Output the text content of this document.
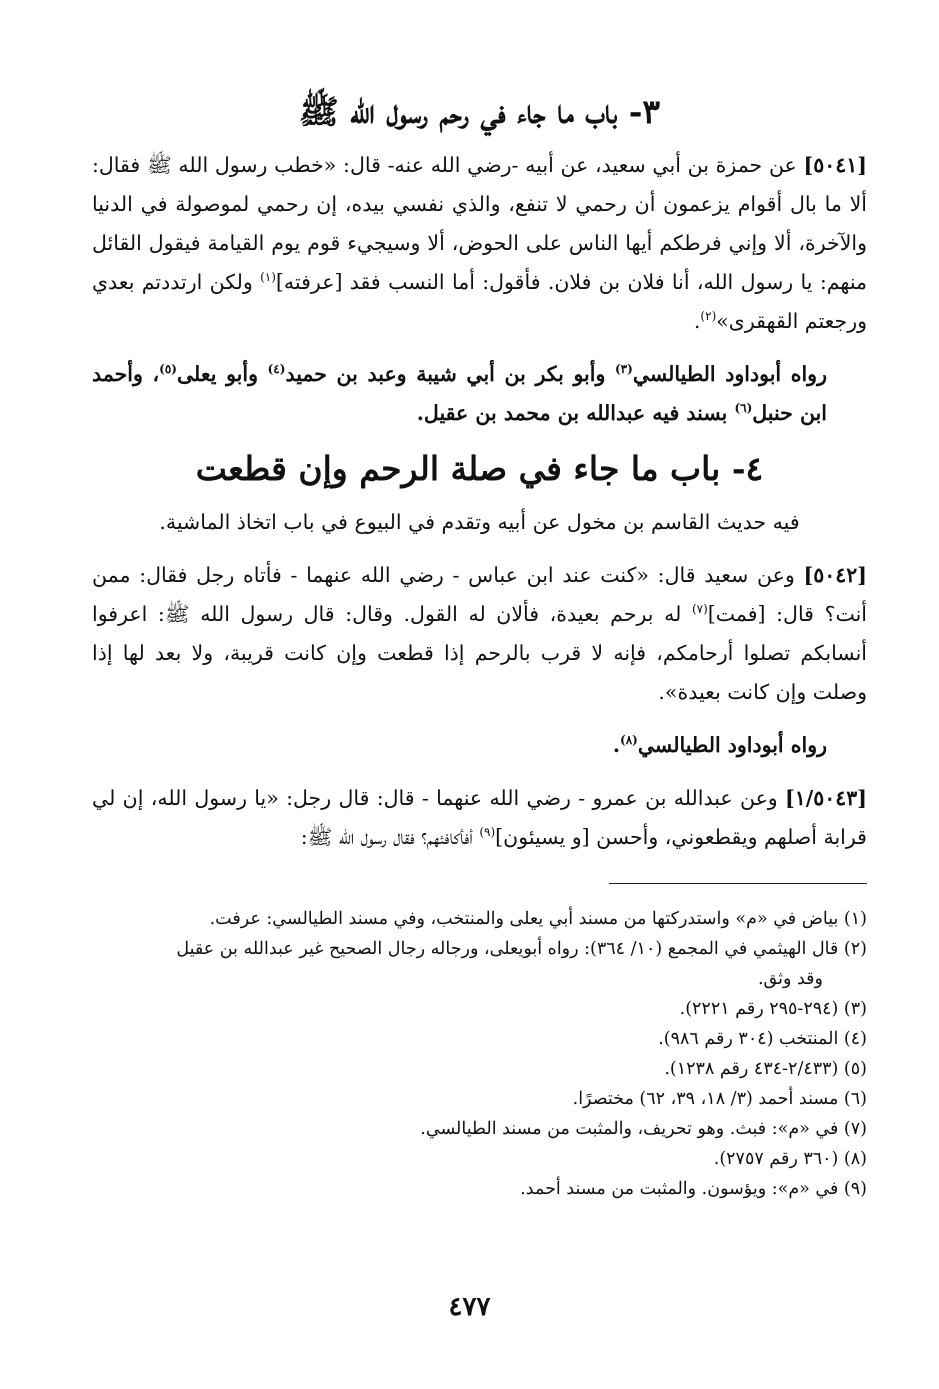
٣- باب ما جاء في رحم رسول الله ﷺ

[٥٠٤١] عن حمزة بن أبي سعيد، عن أبيه -رضي الله عنه- قال: «خطب رسول الله ﷺ فقال: ألا ما بال أقوام يزعمون أن رحمي لا تنفع، والذي نفسي بيده، إن رحمي لموصولة في الدنيا والآخرة، ألا وإني فرطكم أيها الناس على الحوض، ألا وسيجيء قوم يوم القيامة فيقول القائل منهم: يا رسول الله، أنا فلان بن فلان. فأقول: أما النسب فقد [عرفته]$^{(١)}$ ولكن ارتددتم بعدي ورجعتم القهقرى»$^{(٢)}$.

رواه أبوداود الطيالسي$^{(٣)}$ وأبو بكر بن أبي شيبة وعبد بن حميد$^{(٤)}$ وأبو يعلى$^{(٥)}$، وأحمد ابن حنبل$^{(٦)}$ بسند فيه عبدالله بن محمد بن عقيل.

٤- باب ما جاء في صلة الرحم وإن قطعت

فيه حديث القاسم بن مخول عن أبيه وتقدم في البيوع في باب اتخاذ الماشية.

[٥٠٤٢] وعن سعيد قال: «كنت عند ابن عباس - رضي الله عنهما - فأتاه رجل فقال: ممن أنت؟ قال: [فمت]$^{(٧)}$ له برحم بعيدة، فألان له القول. وقال: قال رسول الله ﷺ: اعرفوا أنسابكم تصلوا أرحامكم، فإنه لا قرب بالرحم إذا قطعت وإن كانت قريبة، ولا بعد لها إذا وصلت وإن كانت بعيدة».

رواه أبوداود الطيالسي$^{(٨)}$.

[١/٥٠٤٣] وعن عبدالله بن عمرو - رضي الله عنهما - قال: قال رجل: «يا رسول الله، إن لي قرابة أصلهم ويقطعوني، وأحسن [و يسيئون]$^{(٩)}$ أفأكافئهم؟ فقال رسول الله ﷺ:

(١) بياض في «م» واستدركتها من مسند أبي يعلى والمنتخب، وفي مسند الطيالسي: عرفت.
(٢) قال الهيثمي في المجمع (١٠/ ٣٦٤): رواه أبويعلى، ورجاله رجال الصحيح غير عبدالله بن عقيل
وقد وثق.
(٣) (٢٩٤-٢٩٥ رقم ٢٢٢١).
(٤) المنتخب (٣٠٤ رقم ٩٨٦).
(٥) (٢/٤٣٣-٤٣٤ رقم ١٢٣٨).
(٦) مسند أحمد (٣/ ١٨، ٣٩، ٦٢) مختصرًا.
(٧) في «م»: فبث. وهو تحريف، والمثبت من مسند الطيالسي.
(٨) (٣٦٠ رقم ٢٧٥٧).
(٩) في «م»: ويؤسون. والمثبت من مسند أحمد.
٤٧٧
